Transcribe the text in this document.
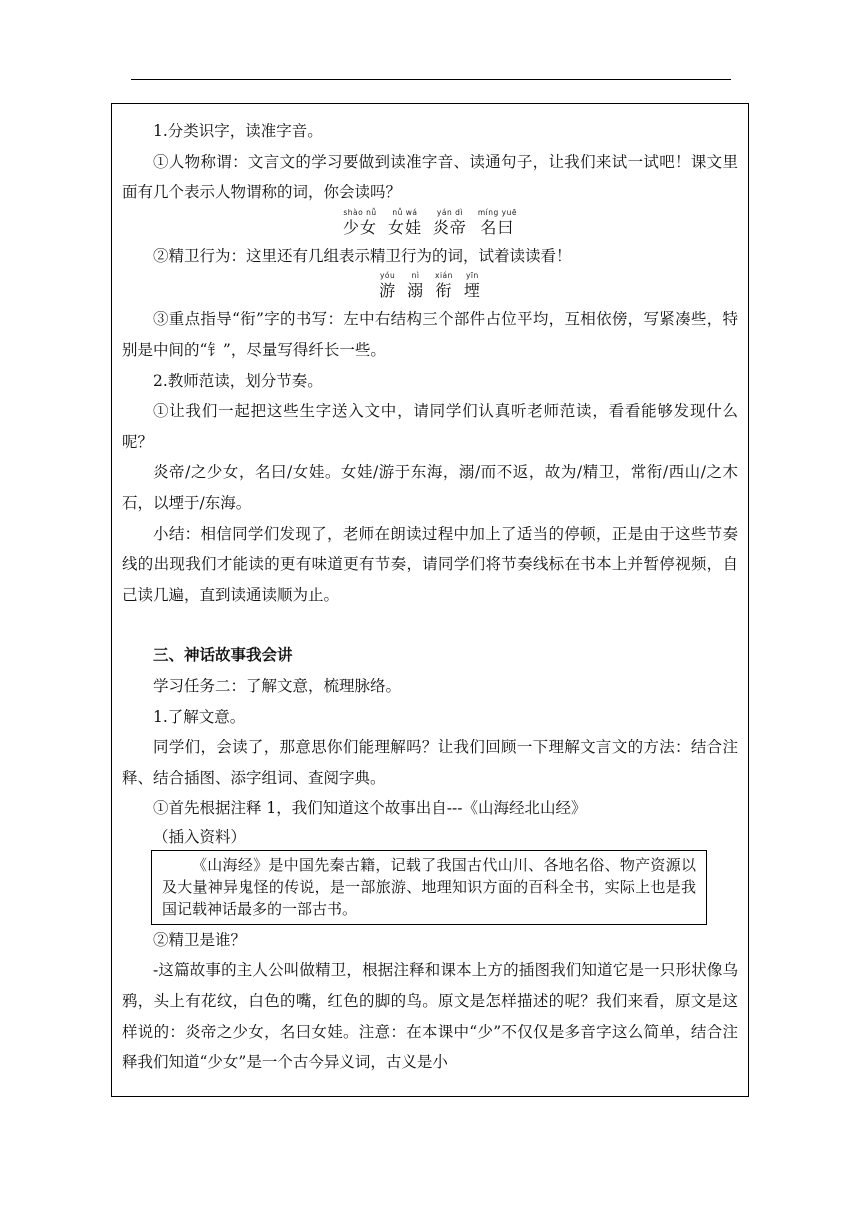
1.分类识字，读准字音。

①人物称谓：文言文的学习要做到读准字音、读通句子，让我们来试一试吧！课文里面有几个表示人物谓称的词，你会读吗？

shào nǚ
少女

nǚ wá
女娃

yán dì
炎帝

míng yuē
名曰

②精卫行为：这里还有几组表示精卫行为的词，试着读读看！

yóu
游

nì
溺

xián
衔

yīn
堙

③重点指导“衔”字的书写：左中右结构三个部件占位平均，互相依傍，写紧凑些，特别是中间的“钅”，尽量写得纤长一些。

2.教师范读，划分节奏。

①让我们一起把这些生字送入文中，请同学们认真听老师范读，看看能够发现什么呢？

炎帝/之少女，名曰/女娃。女娃/游于东海，溺/而不返，故为/精卫，常衔/西山/之木石，以堙于/东海。

小结：相信同学们发现了，老师在朗读过程中加上了适当的停顿，正是由于这些节奏线的出现我们才能读的更有味道更有节奏，请同学们将节奏线标在书本上并暂停视频，自己读几遍，直到读通读顺为止。

三、神话故事我会讲

学习任务二：了解文意，梳理脉络。

1.了解文意。

同学们，会读了，那意思你们能理解吗？让我们回顾一下理解文言文的方法：结合注释、结合插图、添字组词、查阅字典。

①首先根据注释 1，我们知道这个故事出自---《山海经北山经》

（插入资料）

《山海经》是中国先秦古籍，记载了我国古代山川、各地名俗、物产资源以及大量神异鬼怪的传说，是一部旅游、地理知识方面的百科全书，实际上也是我国记载神话最多的一部古书。

②精卫是谁？

-这篇故事的主人公叫做精卫，根据注释和课本上方的插图我们知道它是一只形状像乌鸦，头上有花纹，白色的嘴，红色的脚的鸟。原文是怎样描述的呢？我们来看，原文是这样说的：炎帝之少女，名曰女娃。注意：在本课中“少”不仅仅是多音字这么简单，结合注释我们知道“少女”是一个古今异义词，古义是小
